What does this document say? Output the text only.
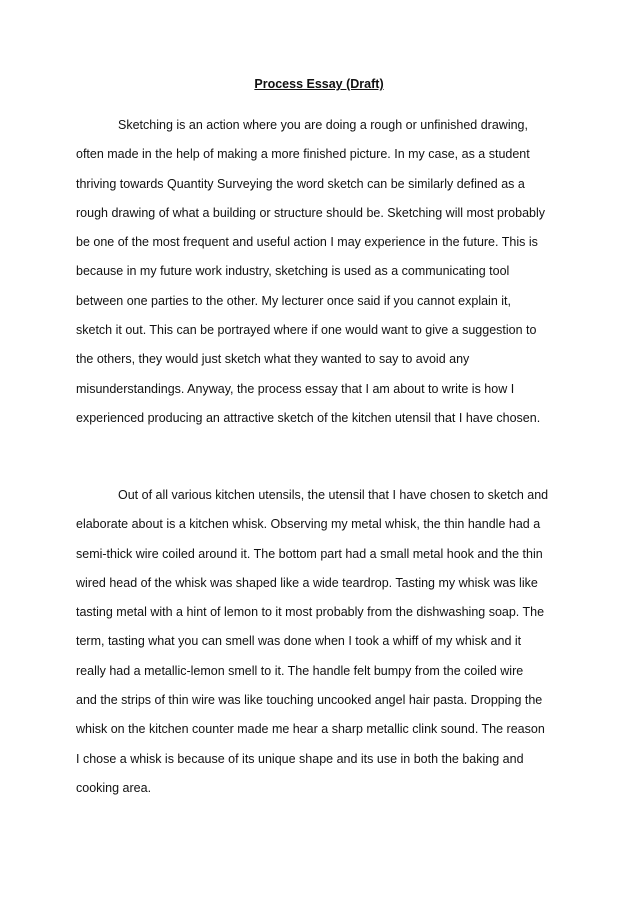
Process Essay (Draft)
Sketching is an action where you are doing a rough or unfinished drawing,
often made in the help of making a more finished picture. In my case, as a student
thriving towards Quantity Surveying the word sketch can be similarly defined as a
rough drawing of what a building or structure should be. Sketching will most probably
be one of the most frequent and useful action I may experience in the future. This is
because in my future work industry, sketching is used as a communicating tool
between one parties to the other. My lecturer once said if you cannot explain it,
sketch it out. This can be portrayed where if one would want to give a suggestion to
the others, they would just sketch what they wanted to say to avoid any
misunderstandings. Anyway, the process essay that I am about to write is how I
experienced producing an attractive sketch of the kitchen utensil that I have chosen.
Out of all various kitchen utensils, the utensil that I have chosen to sketch and
elaborate about is a kitchen whisk. Observing my metal whisk, the thin handle had a
semi-thick wire coiled around it. The bottom part had a small metal hook and the thin
wired head of the whisk was shaped like a wide teardrop. Tasting my whisk was like
tasting metal with a hint of lemon to it most probably from the dishwashing soap. The
term, tasting what you can smell was done when I took a whiff of my whisk and it
really had a metallic-lemon smell to it. The handle felt bumpy from the coiled wire
and the strips of thin wire was like touching uncooked angel hair pasta. Dropping the
whisk on the kitchen counter made me hear a sharp metallic clink sound. The reason
I chose a whisk is because of its unique shape and its use in both the baking and
cooking area.
